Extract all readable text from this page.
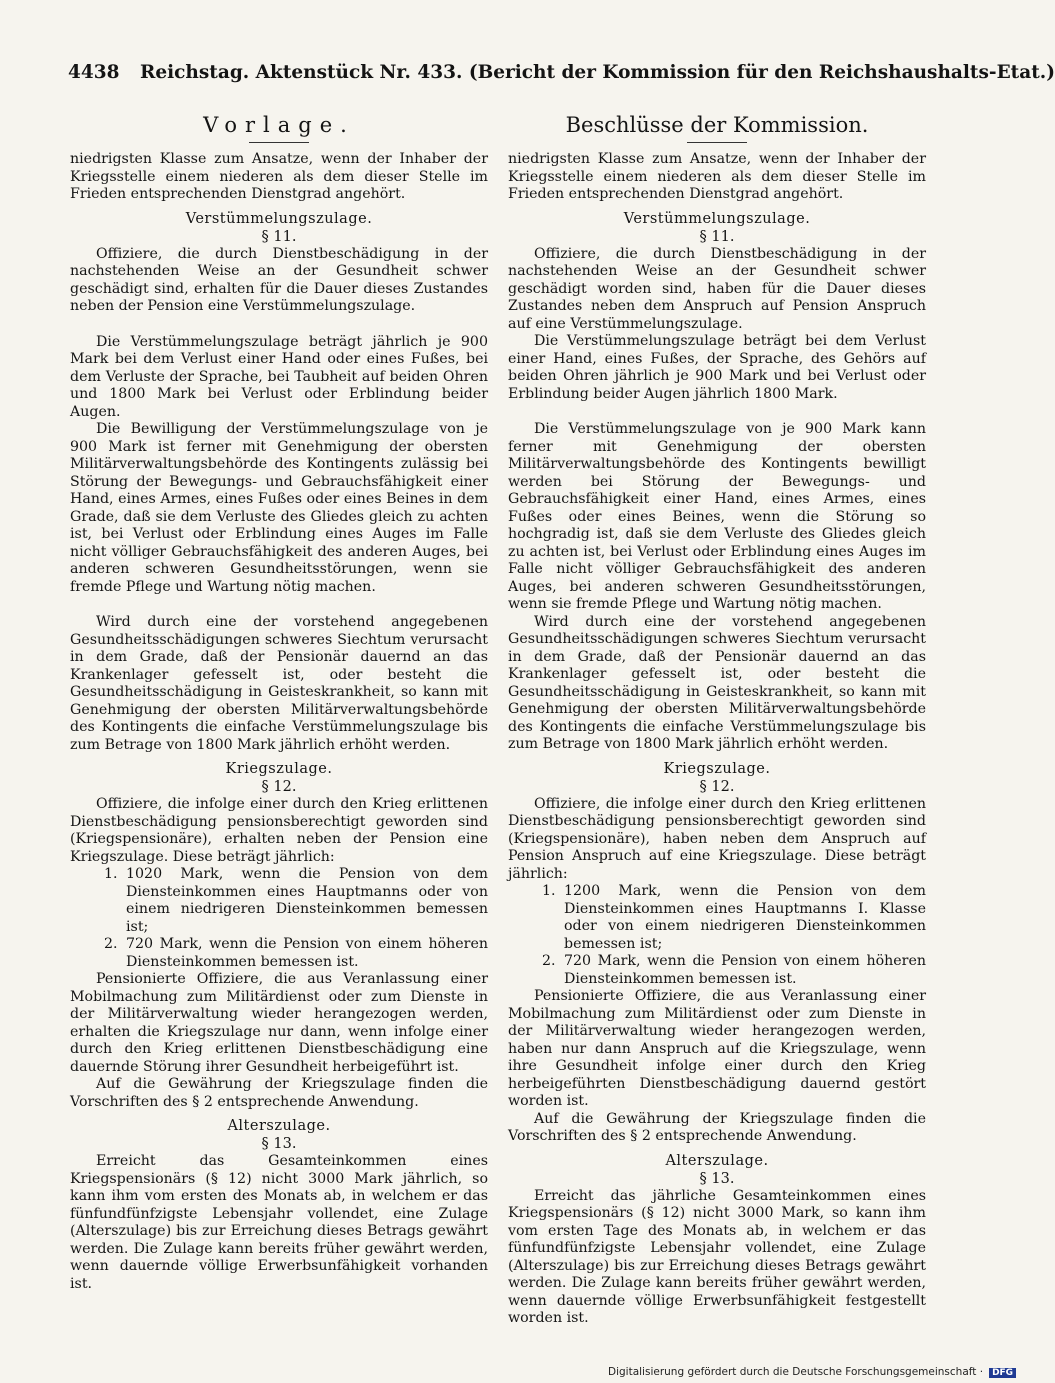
4438 Reichstag. Aktenstück Nr. 433. (Bericht der Kommission für den Reichshaushalts-Etat.)
Vorlage.

niedrigsten Klasse zum Ansatze, wenn der Inhaber der Kriegsstelle einem niederen als dem dieser Stelle im Frieden entsprechenden Dienstgrad angehört.

Verstümmelungszulage.

§ 11.

Offiziere, die durch Dienstbeschädigung in der nachstehenden Weise an der Gesundheit schwer geschädigt sind, erhalten für die Dauer dieses Zustandes neben der Pension eine Verstümmelungszulage.

Die Verstümmelungszulage beträgt jährlich je 900 Mark bei dem Verlust einer Hand oder eines Fußes, bei dem Verluste der Sprache, bei Taubheit auf beiden Ohren und 1800 Mark bei Verlust oder Erblindung beider Augen.

Die Bewilligung der Verstümmelungszulage von je 900 Mark ist ferner mit Genehmigung der obersten Militärverwaltungsbehörde des Kontingents zulässig bei Störung der Bewegungs- und Gebrauchsfähigkeit einer Hand, eines Armes, eines Fußes oder eines Beines in dem Grade, daß sie dem Verluste des Gliedes gleich zu achten ist, bei Verlust oder Erblindung eines Auges im Falle nicht völliger Gebrauchsfähigkeit des anderen Auges, bei anderen schweren Gesundheitsstörungen, wenn sie fremde Pflege und Wartung nötig machen.

Wird durch eine der vorstehend angegebenen Gesundheitsschädigungen schweres Siechtum verursacht in dem Grade, daß der Pensionär dauernd an das Krankenlager gefesselt ist, oder besteht die Gesundheitsschädigung in Geisteskrankheit, so kann mit Genehmigung der obersten Militärverwaltungsbehörde des Kontingents die einfache Verstümmelungszulage bis zum Betrage von 1800 Mark jährlich erhöht werden.

Kriegszulage.

§ 12.

Offiziere, die infolge einer durch den Krieg erlittenen Dienstbeschädigung pensionsberechtigt geworden sind (Kriegspensionäre), erhalten neben der Pension eine Kriegszulage. Diese beträgt jährlich:

1. 1020 Mark, wenn die Pension von dem Diensteinkommen eines Hauptmanns oder von einem niedrigeren Diensteinkommen bemessen ist;
2. 720 Mark, wenn die Pension von einem höheren Diensteinkommen bemessen ist.

Pensionierte Offiziere, die aus Veranlassung einer Mobilmachung zum Militärdienst oder zum Dienste in der Militärverwaltung wieder herangezogen werden, erhalten die Kriegszulage nur dann, wenn infolge einer durch den Krieg erlittenen Dienstbeschädigung eine dauernde Störung ihrer Gesundheit herbeigeführt ist.

Auf die Gewährung der Kriegszulage finden die Vorschriften des § 2 entsprechende Anwendung.

Alterszulage.

§ 13.

Erreicht das Gesamteinkommen eines Kriegspensionärs (§ 12) nicht 3000 Mark jährlich, so kann ihm vom ersten des Monats ab, in welchem er das fünfundfünfzigste Lebensjahr vollendet, eine Zulage (Alterszulage) bis zur Erreichung dieses Betrags gewährt werden. Die Zulage kann bereits früher gewährt werden, wenn dauernde völlige Erwerbsunfähigkeit vorhanden ist.

Beschlüsse der Kommission.

niedrigsten Klasse zum Ansatze, wenn der Inhaber der Kriegsstelle einem niederen als dem dieser Stelle im Frieden entsprechenden Dienstgrad angehört.

Verstümmelungszulage.

§ 11.

Offiziere, die durch Dienstbeschädigung in der nachstehenden Weise an der Gesundheit schwer geschädigt worden sind, haben für die Dauer dieses Zustandes neben dem Anspruch auf Pension Anspruch auf eine Verstümmelungszulage.

Die Verstümmelungszulage beträgt bei dem Verlust einer Hand, eines Fußes, der Sprache, des Gehörs auf beiden Ohren jährlich je 900 Mark und bei Verlust oder Erblindung beider Augen jährlich 1800 Mark.

Die Verstümmelungszulage von je 900 Mark kann ferner mit Genehmigung der obersten Militärverwaltungsbehörde des Kontingents bewilligt werden bei Störung der Bewegungs- und Gebrauchsfähigkeit einer Hand, eines Armes, eines Fußes oder eines Beines, wenn die Störung so hochgradig ist, daß sie dem Verluste des Gliedes gleich zu achten ist, bei Verlust oder Erblindung eines Auges im Falle nicht völliger Gebrauchsfähigkeit des anderen Auges, bei anderen schweren Gesundheitsstörungen, wenn sie fremde Pflege und Wartung nötig machen.

Wird durch eine der vorstehend angegebenen Gesundheitsschädigungen schweres Siechtum verursacht in dem Grade, daß der Pensionär dauernd an das Krankenlager gefesselt ist, oder besteht die Gesundheitsschädigung in Geisteskrankheit, so kann mit Genehmigung der obersten Militärverwaltungsbehörde des Kontingents die einfache Verstümmelungszulage bis zum Betrage von 1800 Mark jährlich erhöht werden.

Kriegszulage.

§ 12.

Offiziere, die infolge einer durch den Krieg erlittenen Dienstbeschädigung pensionsberechtigt geworden sind (Kriegspensionäre), haben neben dem Anspruch auf Pension Anspruch auf eine Kriegszulage. Diese beträgt jährlich:

1. 1200 Mark, wenn die Pension von dem Diensteinkommen eines Hauptmanns I. Klasse oder von einem niedrigeren Diensteinkommen bemessen ist;
2. 720 Mark, wenn die Pension von einem höheren Diensteinkommen bemessen ist.

Pensionierte Offiziere, die aus Veranlassung einer Mobilmachung zum Militärdienst oder zum Dienste in der Militärverwaltung wieder herangezogen werden, haben nur dann Anspruch auf die Kriegszulage, wenn ihre Gesundheit infolge einer durch den Krieg herbeigeführten Dienstbeschädigung dauernd gestört worden ist.

Auf die Gewährung der Kriegszulage finden die Vorschriften des § 2 entsprechende Anwendung.

Alterszulage.

§ 13.

Erreicht das jährliche Gesamteinkommen eines Kriegspensionärs (§ 12) nicht 3000 Mark, so kann ihm vom ersten Tage des Monats ab, in welchem er das fünfundfünfzigste Lebensjahr vollendet, eine Zulage (Alterszulage) bis zur Erreichung dieses Betrags gewährt werden. Die Zulage kann bereits früher gewährt werden, wenn dauernde völlige Erwerbsunfähigkeit festgestellt worden ist.

Digitalisierung gefördert durch die Deutsche Forschungsgemeinschaft · DFG
